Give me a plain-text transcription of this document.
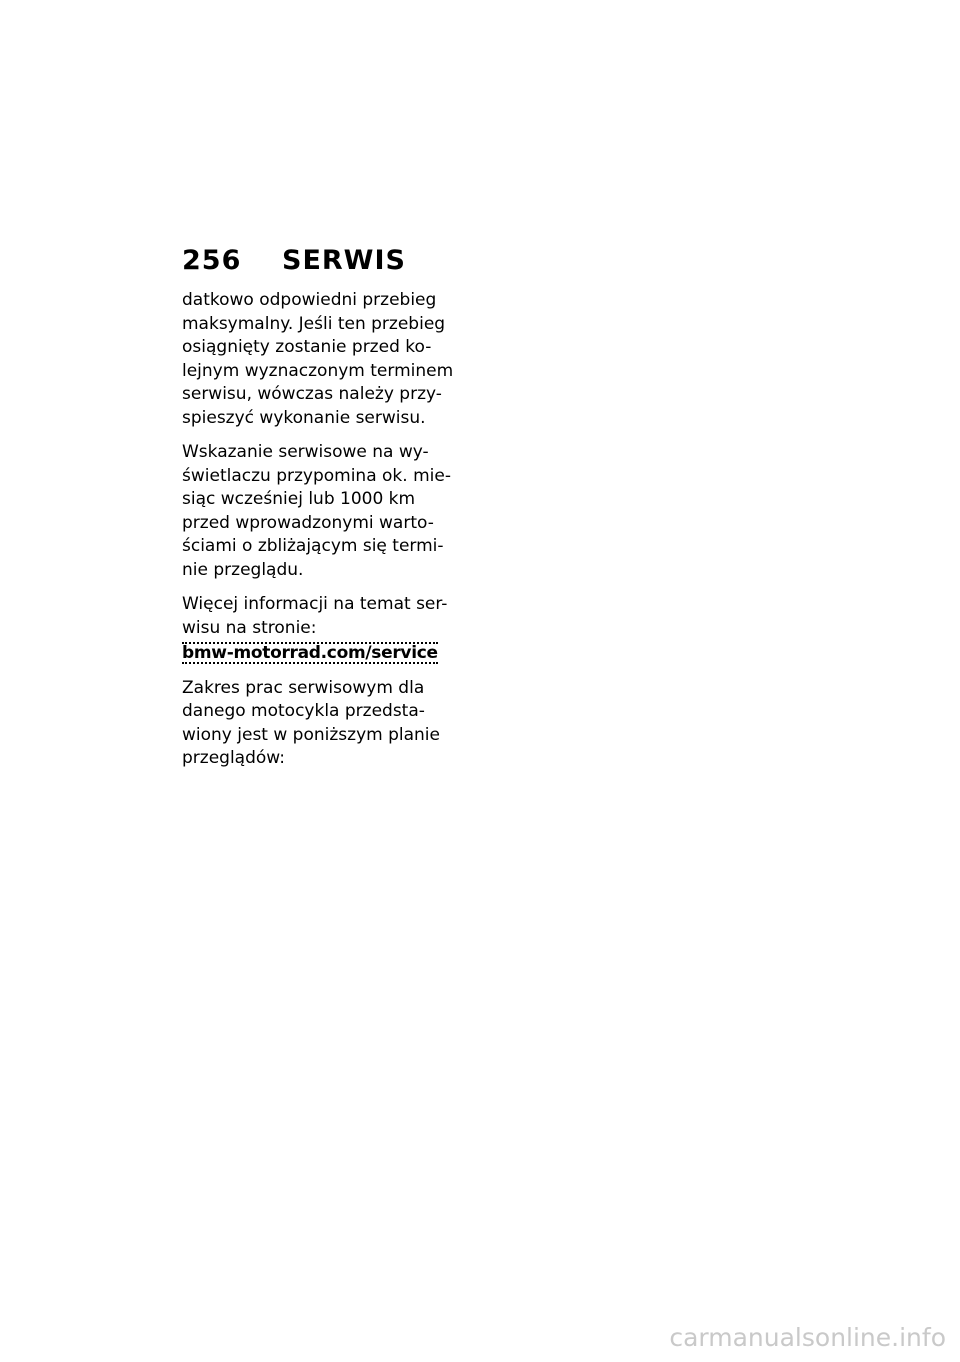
256	SERWIS

datkowo odpowiedni przebieg
maksymalny. Jeśli ten przebieg
osiągnięty zostanie przed ko-
lejnym wyznaczonym terminem
serwisu, wówczas należy przy-
spieszyć wykonanie serwisu.

Wskazanie serwisowe na wy-
świetlaczu przypomina ok. mie-
siąc wcześniej lub 1000 km
przed wprowadzonymi warto-
ściami o zbliżającym się termi-
nie przeglądu.

Więcej informacji na temat ser-
wisu na stronie:
bmw-motorrad.com/service

Zakres prac serwisowym dla
danego motocykla przedsta-
wiony jest w poniższym planie
przeglądów:

carmanualsonline.info
